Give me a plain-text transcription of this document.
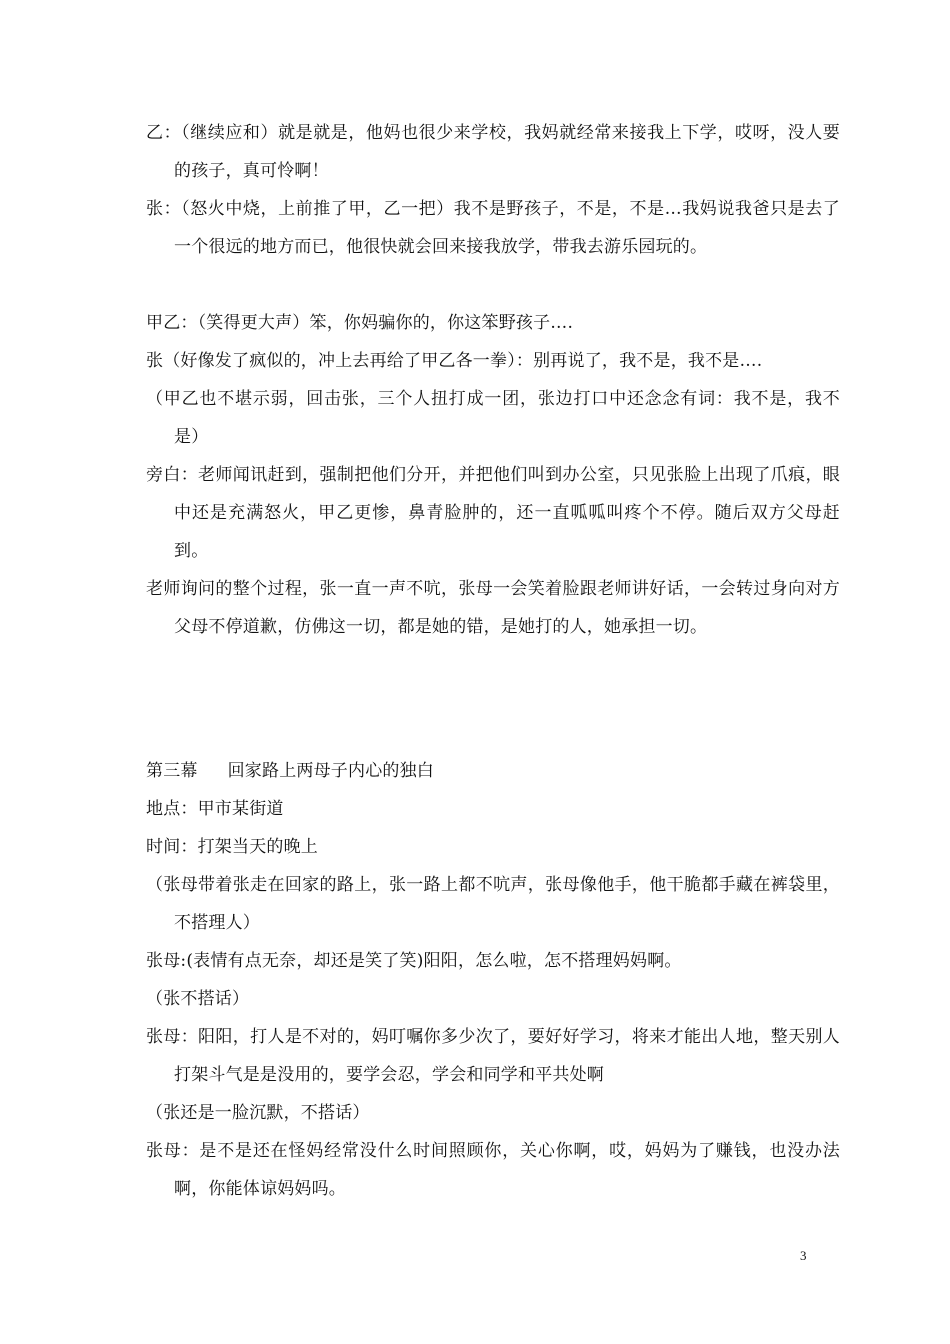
乙：（继续应和）就是就是，他妈也很少来学校，我妈就经常来接我上下学，哎呀，没人要的孩子，真可怜啊！

张：（怒火中烧，上前推了甲，乙一把）我不是野孩子，不是，不是…我妈说我爸只是去了一个很远的地方而已，他很快就会回来接我放学，带我去游乐园玩的。

甲乙：（笑得更大声）笨，你妈骗你的，你这笨野孩子….

张（好像发了疯似的，冲上去再给了甲乙各一拳）：别再说了，我不是，我不是….

（甲乙也不堪示弱，回击张，三个人扭打成一团，张边打口中还念念有词：我不是，我不是）

旁白：老师闻讯赶到，强制把他们分开，并把他们叫到办公室，只见张脸上出现了爪痕，眼中还是充满怒火，甲乙更惨，鼻青脸肿的，还一直呱呱叫疼个不停。随后双方父母赶到。

老师询问的整个过程，张一直一声不吭，张母一会笑着脸跟老师讲好话，一会转过身向对方父母不停道歉，仿佛这一切，都是她的错，是她打的人，她承担一切。

第三幕 回家路上两母子内心的独白

地点：甲市某街道

时间：打架当天的晚上

（张母带着张走在回家的路上，张一路上都不吭声，张母像他手，他干脆都手藏在裤袋里，不搭理人）

张母:(表情有点无奈，却还是笑了笑)阳阳，怎么啦，怎不搭理妈妈啊。

（张不搭话）

张母：阳阳，打人是不对的，妈叮嘱你多少次了，要好好学习，将来才能出人地，整天别人打架斗气是是没用的，要学会忍，学会和同学和平共处啊

（张还是一脸沉默，不搭话）

张母：是不是还在怪妈经常没什么时间照顾你，关心你啊，哎，妈妈为了赚钱，也没办法啊，你能体谅妈妈吗。

3
